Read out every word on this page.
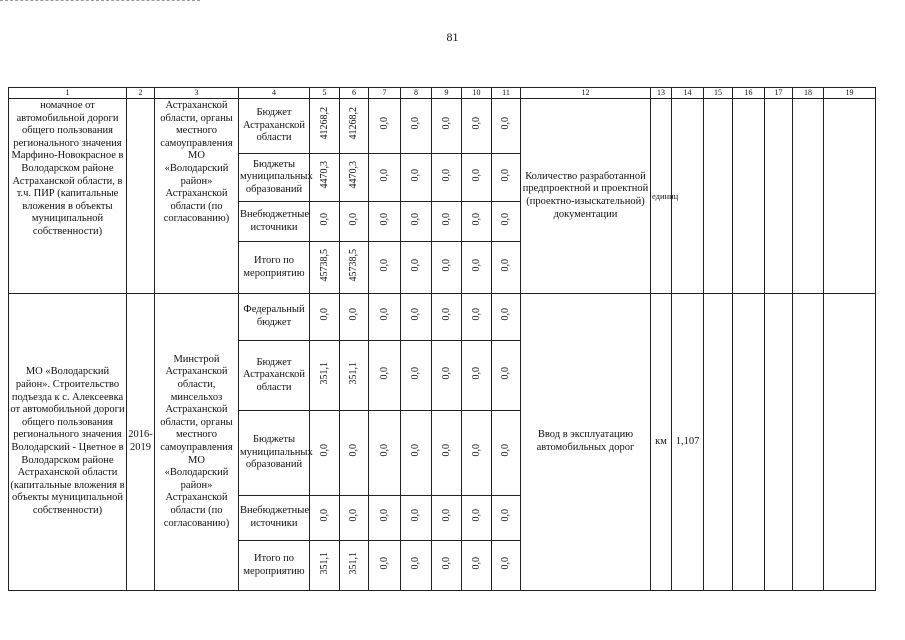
81
1	2	3	4	5	6	7	8	9	10	11	12	13	14	15	16	17	18	19
номачное от автомобильной дороги общего пользования регионального значения Марфино-Новокрасное в Володарском районе Астраханской области, в т.ч. ПИР (капитальные вложения в объекты муниципальной собственности)		Астраханской области, органы местного самоуправления МО «Володарский район» Астраханской области (по согласованию)	Бюджет Астраханской области	41268,2	41268,2	0,0	0,0	0,0	0,0	0,0	Количество разработанной предпроектной и проектной (проектно-изыскательной) документации	единиц						
			Бюджеты муниципальных образований	4470,3	4470,3	0,0	0,0	0,0	0,0	0,0								
			Внебюджетные источники	0,0	0,0	0,0	0,0	0,0	0,0	0,0								
			Итого по мероприятию	45738,5	45738,5	0,0	0,0	0,0	0,0	0,0								
МО «Володарский район». Строительство подъезда к с. Алексеевка от автомобильной дороги общего пользования регионального значения Володарский - Цветное в Володарском районе Астраханской области (капитальные вложения в объекты муниципальной собственности)	2016-2019	Минстрой Астраханской области, минсельхоз Астраханской области, органы местного самоуправления МО «Володарский район» Астраханской области (по согласованию)	Федеральный бюджет	0,0	0,0	0,0	0,0	0,0	0,0	0,0	Ввод в эксплуатацию автомобильных дорог	км	1,107					
			Бюджет Астраханской области	351,1	351,1	0,0	0,0	0,0	0,0	0,0								
			Бюджеты муниципальных образований	0,0	0,0	0,0	0,0	0,0	0,0	0,0								
			Внебюджетные источники	0,0	0,0	0,0	0,0	0,0	0,0	0,0								
			Итого по мероприятию	351,1	351,1	0,0	0,0	0,0	0,0	0,0								
